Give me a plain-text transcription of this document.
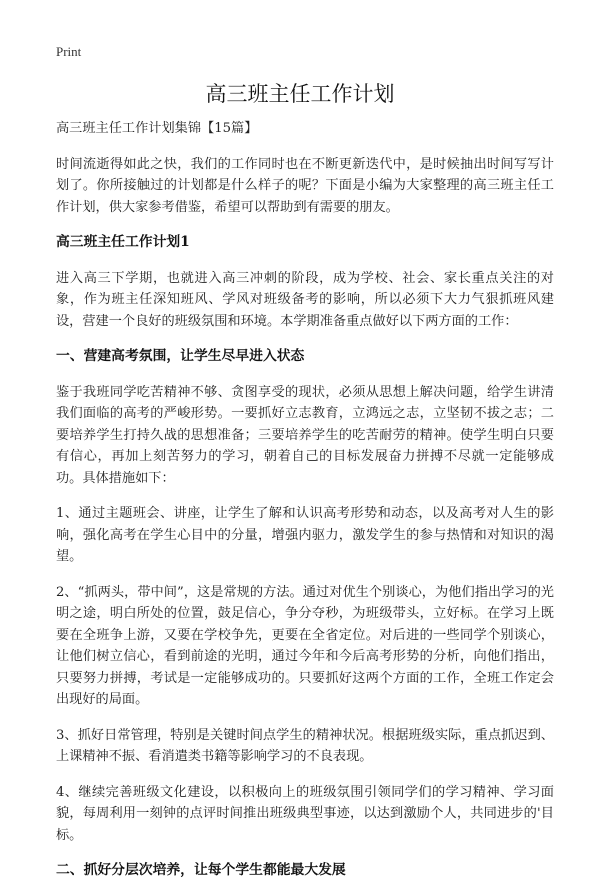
Print
高三班主任工作计划

高三班主任工作计划集锦【15篇】

时间流逝得如此之快，我们的工作同时也在不断更新迭代中，是时候抽出时间写写计划了。你所接触过的计划都是什么样子的呢？下面是小编为大家整理的高三班主任工作计划，供大家参考借鉴，希望可以帮助到有需要的朋友。

高三班主任工作计划1

进入高三下学期，也就进入高三冲刺的阶段，成为学校、社会、家长重点关注的对象，作为班主任深知班风、学风对班级备考的影响，所以必须下大力气狠抓班风建设，营建一个良好的班级氛围和环境。本学期准备重点做好以下两方面的工作：

一、营建高考氛围，让学生尽早进入状态

鉴于我班同学吃苦精神不够、贪图享受的现状，必须从思想上解决问题，给学生讲清我们面临的高考的严峻形势。一要抓好立志教育，立鸿远之志，立坚韧不拔之志；二要培养学生打持久战的思想准备；三要培养学生的吃苦耐劳的精神。使学生明白只要有信心，再加上刻苦努力的学习，朝着自己的目标发展奋力拼搏不尽就一定能够成功。具体措施如下：

1、通过主题班会、讲座，让学生了解和认识高考形势和动态，以及高考对人生的影响，强化高考在学生心目中的分量，增强内驱力，激发学生的参与热情和对知识的渴望。

2、“抓两头，带中间”，这是常规的方法。通过对优生个别谈心，为他们指出学习的光明之途，明白所处的位置，鼓足信心，争分夺秒，为班级带头，立好标。在学习上既要在全班争上游，又要在学校争先，更要在全省定位。对后进的一些同学个别谈心，让他们树立信心，看到前途的光明，通过今年和今后高考形势的分析，向他们指出，只要努力拼搏，考试是一定能够成功的。只要抓好这两个方面的工作，全班工作定会出现好的局面。

3、抓好日常管理，特别是关键时间点学生的精神状况。根据班级实际，重点抓迟到、上课精神不振、看消遣类书籍等影响学习的不良表现。

4、继续完善班级文化建设，以积极向上的班级氛围引领同学们的学习精神、学习面貌，每周利用一刻钟的点评时间推出班级典型事迹，以达到激励个人，共同进步的'目标。

二、抓好分层次培养，让每个学生都能最大发展
